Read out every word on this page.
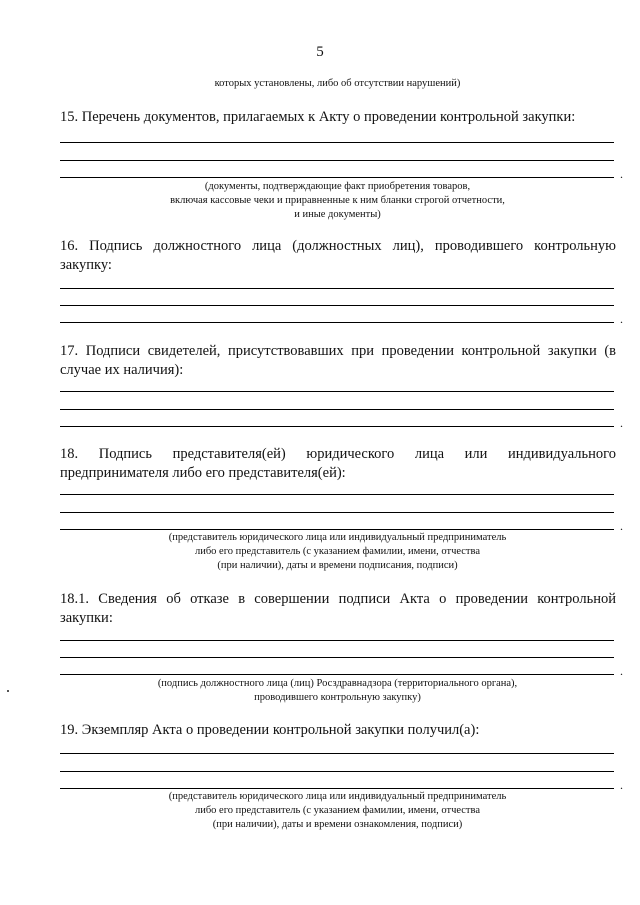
5
которых установлены, либо об отсутствии нарушений)
15. Перечень документов, прилагаемых к Акту о проведении контрольной закупки:
.
(документы, подтверждающие факт приобретения товаров,
включая кассовые чеки и приравненные к ним бланки строгой отчетности,
и иные документы)
16. Подпись должностного лица (должностных лиц), проводившего контрольную закупку:
.
17. Подписи свидетелей, присутствовавших при проведении контрольной закупки (в случае их наличия):
.
18. Подпись представителя(ей) юридического лица или индивидуального предпринимателя либо его представителя(ей):
.
(представитель юридического лица или индивидуальный предприниматель
либо его представитель (с указанием фамилии, имени, отчества
(при наличии), даты и времени подписания, подписи)
18.1. Сведения об отказе в совершении подписи Акта о проведении контрольной закупки:
.
(подпись должностного лица (лиц) Росздравнадзора (территориального органа),
проводившего контрольную закупку)
19. Экземпляр Акта о проведении контрольной закупки получил(а):
.
(представитель юридического лица или индивидуальный предприниматель
либо его представитель (с указанием фамилии, имени, отчества
(при наличии), даты и времени ознакомления, подписи)
